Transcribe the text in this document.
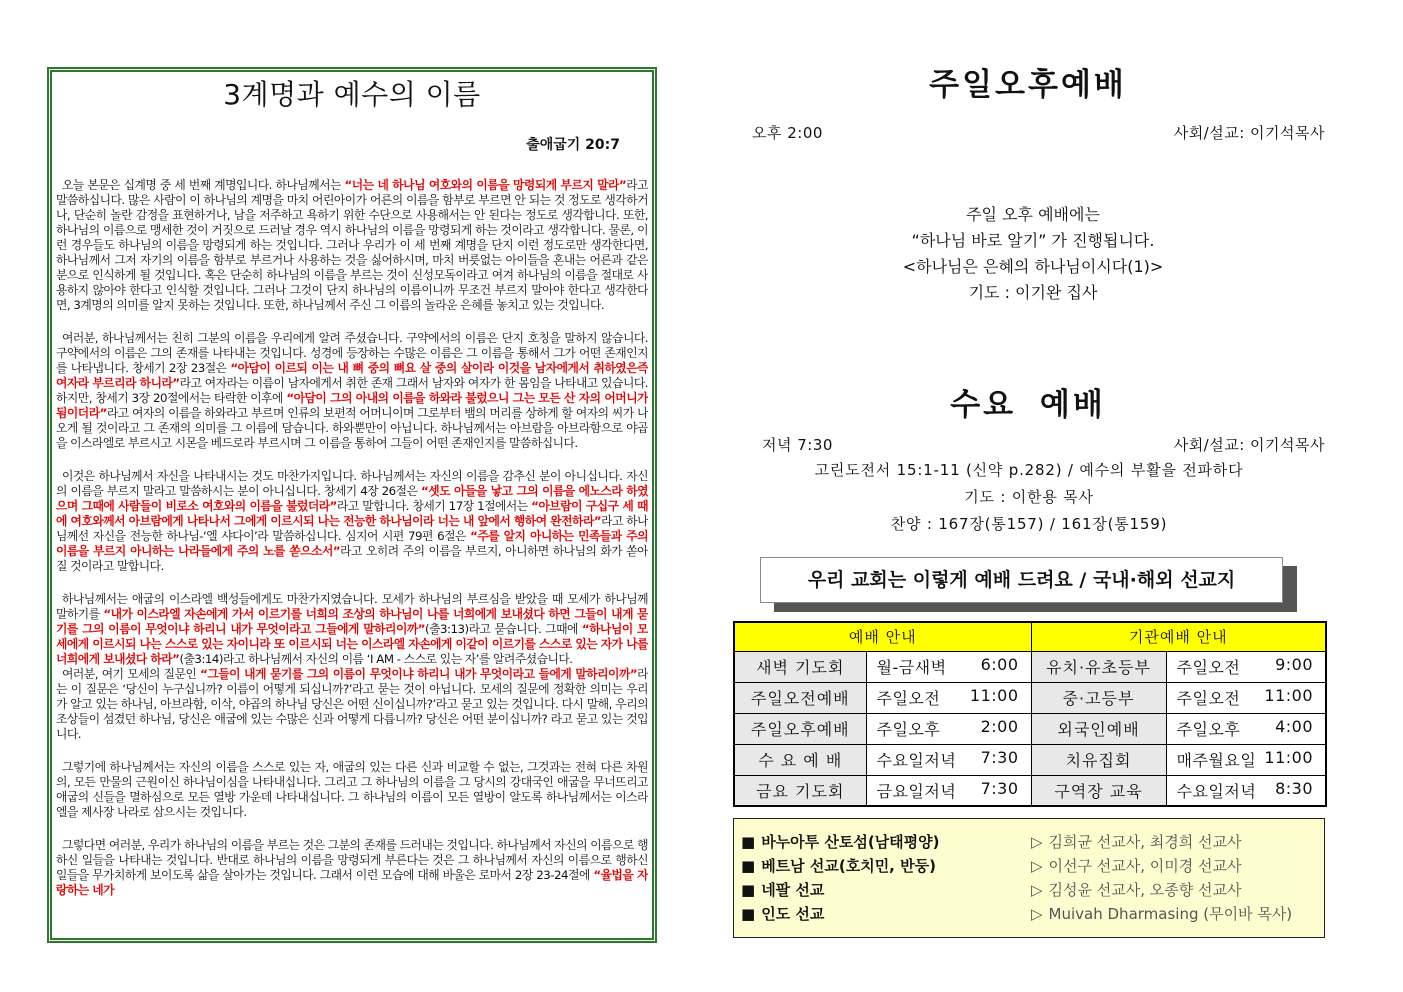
3계명과 예수의 이름
출애굽기 20:7

오늘 본문은 십계명 중 세 번째 계명입니다. 하나님께서는 “너는 네 하나님 여호와의 이름을 망령되게 부르지 말라”라고 말씀하십니다. 많은 사람이 이 하나님의 계명을 마치 어린아이가 어른의 이름을 함부로 부르면 안 되는 것 정도로 생각하거나, 단순히 놀란 감정을 표현하거나, 남을 저주하고 욕하기 위한 수단으로 사용해서는 안 된다는 정도로 생각합니다. 또한, 하나님의 이름으로 맹세한 것이 거짓으로 드러날 경우 역시 하나님의 이름을 망령되게 하는 것이라고 생각합니다. 물론, 이런 경우들도 하나님의 이름을 망령되게 하는 것입니다. 그러나 우리가 이 세 번째 계명을 단지 이런 정도로만 생각한다면, 하나님께서 그저 자기의 이름을 함부로 부르거나 사용하는 것을 싫어하시며, 마치 버릇없는 아이들을 혼내는 어른과 같은 분으로 인식하게 될 것입니다. 혹은 단순히 하나님의 이름을 부르는 것이 신성모독이라고 여겨 하나님의 이름을 절대로 사용하지 않아야 한다고 인식할 것입니다. 그러나 그것이 단지 하나님의 이름이니까 무조건 부르지 말아야 한다고 생각한다면, 3계명의 의미를 알지 못하는 것입니다. 또한, 하나님께서 주신 그 이름의 놀라운 은혜를 놓치고 있는 것입니다.

여러분, 하나님께서는 친히 그분의 이름을 우리에게 알려 주셨습니다. 구약에서의 이름은 단지 호칭을 말하지 않습니다. 구약에서의 이름은 그의 존재를 나타내는 것입니다. 성경에 등장하는 수많은 이름은 그 이름을 통해서 그가 어떤 존재인지를 나타냅니다. 창세기 2장 23절은 “아담이 이르되 이는 내 뼈 중의 뼈요 살 중의 살이라 이것을 남자에게서 취하였은즉 여자라 부르리라 하니라”라고 여자라는 이름이 남자에게서 취한 존재 그래서 남자와 여자가 한 몸임을 나타내고 있습니다. 하지만, 창세기 3장 20절에서는 타락한 이후에 “아담이 그의 아내의 이름을 하와라 불렀으니 그는 모든 산 자의 어머니가 됨이더라”라고 여자의 이름을 하와라고 부르며 인류의 보편적 어머니이며 그로부터 뱀의 머리를 상하게 할 여자의 씨가 나오게 될 것이라고 그 존재의 의미를 그 이름에 담습니다. 하와뿐만이 아닙니다. 하나님께서는 아브람을 아브라함으로 야곱을 이스라엘로 부르시고 시몬을 베드로라 부르시며 그 이름을 통하여 그들이 어떤 존재인지를 말씀하십니다.

이것은 하나님께서 자신을 나타내시는 것도 마찬가지입니다. 하나님께서는 자신의 이름을 감추신 분이 아니십니다. 자신의 이름을 부르지 말라고 말씀하시는 분이 아니십니다. 창세기 4장 26절은 “셋도 아들을 낳고 그의 이름을 에노스라 하였으며 그때에 사람들이 비로소 여호와의 이름을 불렀더라”라고 말합니다. 창세기 17장 1절에서는 “아브람이 구십구 세 때에 여호와께서 아브람에게 나타나서 그에게 이르시되 나는 전능한 하나님이라 너는 내 앞에서 행하여 완전하라”라고 하나님께선 자신을 전능한 하나님-‘엘 샤다이’라 말씀하십니다. 심지어 시편 79편 6절은 “주를 알지 아니하는 민족들과 주의 이름을 부르지 아니하는 나라들에게 주의 노를 쏟으소서”라고 오히려 주의 이름을 부르지, 아니하면 하나님의 화가 쏟아질 것이라고 말합니다.

하나님께서는 애굽의 이스라엘 백성들에게도 마찬가지였습니다. 모세가 하나님의 부르심을 받았을 때 모세가 하나님께 말하기를 “내가 이스라엘 자손에게 가서 이르기를 너희의 조상의 하나님이 나를 너희에게 보내셨다 하면 그들이 내게 묻기를 그의 이름이 무엇이냐 하리니 내가 무엇이라고 그들에게 말하리이까”(출3:13)라고 묻습니다. 그때에 “하나님이 모세에게 이르시되 나는 스스로 있는 자이니라 또 이르시되 너는 이스라엘 자손에게 이같이 이르기를 스스로 있는 자가 나를 너희에게 보내셨다 하라”(출3:14)라고 하나님께서 자신의 이름 ‘I AM - 스스로 있는 자’를 알려주셨습니다.

여러분, 여기 모세의 질문인 “그들이 내게 묻기를 그의 이름이 무엇이냐 하리니 내가 무엇이라고 들에게 말하리이까”라는 이 질문은 ‘당신이 누구십니까? 이름이 어떻게 되십니까?’라고 묻는 것이 아닙니다. 모세의 질문에 정확한 의미는 우리가 알고 있는 하나님, 아브라함, 이삭, 야곱의 하나님 당신은 어떤 신이십니까?’라고 묻고 있는 것입니다. 다시 말해, 우리의 조상들이 섬겼던 하나님, 당신은 애굽에 있는 수많은 신과 어떻게 다릅니까? 당신은 어떤 분이십니까? 라고 묻고 있는 것입니다.

그렇기에 하나님께서는 자신의 이름을 스스로 있는 자, 애굽의 있는 다른 신과 비교할 수 없는, 그것과는 전혀 다른 차원의, 모든 만물의 근원이신 하나님이심을 나타내십니다. 그리고 그 하나님의 이름을 그 당시의 강대국인 애굽을 무너뜨리고 애굽의 신들을 멸하심으로 모든 열방 가운데 나타내십니다. 그 하나님의 이름이 모든 열방이 알도록 하나님께서는 이스라엘을 제사장 나라로 삼으시는 것입니다.

그렇다면 여러분, 우리가 하나님의 이름을 부르는 것은 그분의 존재를 드러내는 것입니다. 하나님께서 자신의 이름으로 행하신 일들을 나타내는 것입니다. 반대로 하나님의 이름을 망령되게 부른다는 것은 그 하나님께서 자신의 이름으로 행하신 일들을 무가치하게 보이도록 삶을 살아가는 것입니다. 그래서 이런 모습에 대해 바울은 로마서 2장 23-24절에 “율법을 자랑하는 네가

주일오후예배
오후 2:00	사회/설교: 이기석목사
주일 오후 예배에는
“하나님 바로 알기” 가 진행됩니다.
<하나님은 은혜의 하나님이시다(1)>
기도 : 이기완 집사
수요 예배
저녁 7:30	사회/설교: 이기석목사
고린도전서 15:1-11 (신약 p.282) / 예수의 부활을 전파하다
기도 : 이한용 목사
찬양 : 167장(통157) / 161장(통159)
우리 교회는 이렇게 예배 드려요 / 국내·해외 선교지
예배 안내		기관예배 안내	
새벽 기도회	월-금새벽 6:00	유치·유초등부	주일오전 9:00

주일오전예배	주일오전 11:00	중·고등부	주일오전 11:00

주일오후예배	주일오후 2:00	외국인예배	주일오후 4:00

수 요 예 배	수요일저녁 7:30	치유집회	매주월요일 11:00

금요 기도회	금요일저녁 7:30	구역장 교육	수요일저녁 8:30
■ 바누아투 산토섬(남태평양)	▷ 김희균 선교사, 최경희 선교사
■ 베트남 선교(호치민, 반둥)	▷ 이선구 선교사, 이미경 선교사
■ 네팔 선교	▷ 김성윤 선교사, 오종향 선교사
■ 인도 선교	▷ Muivah Dharmasing (무이바 목사)
